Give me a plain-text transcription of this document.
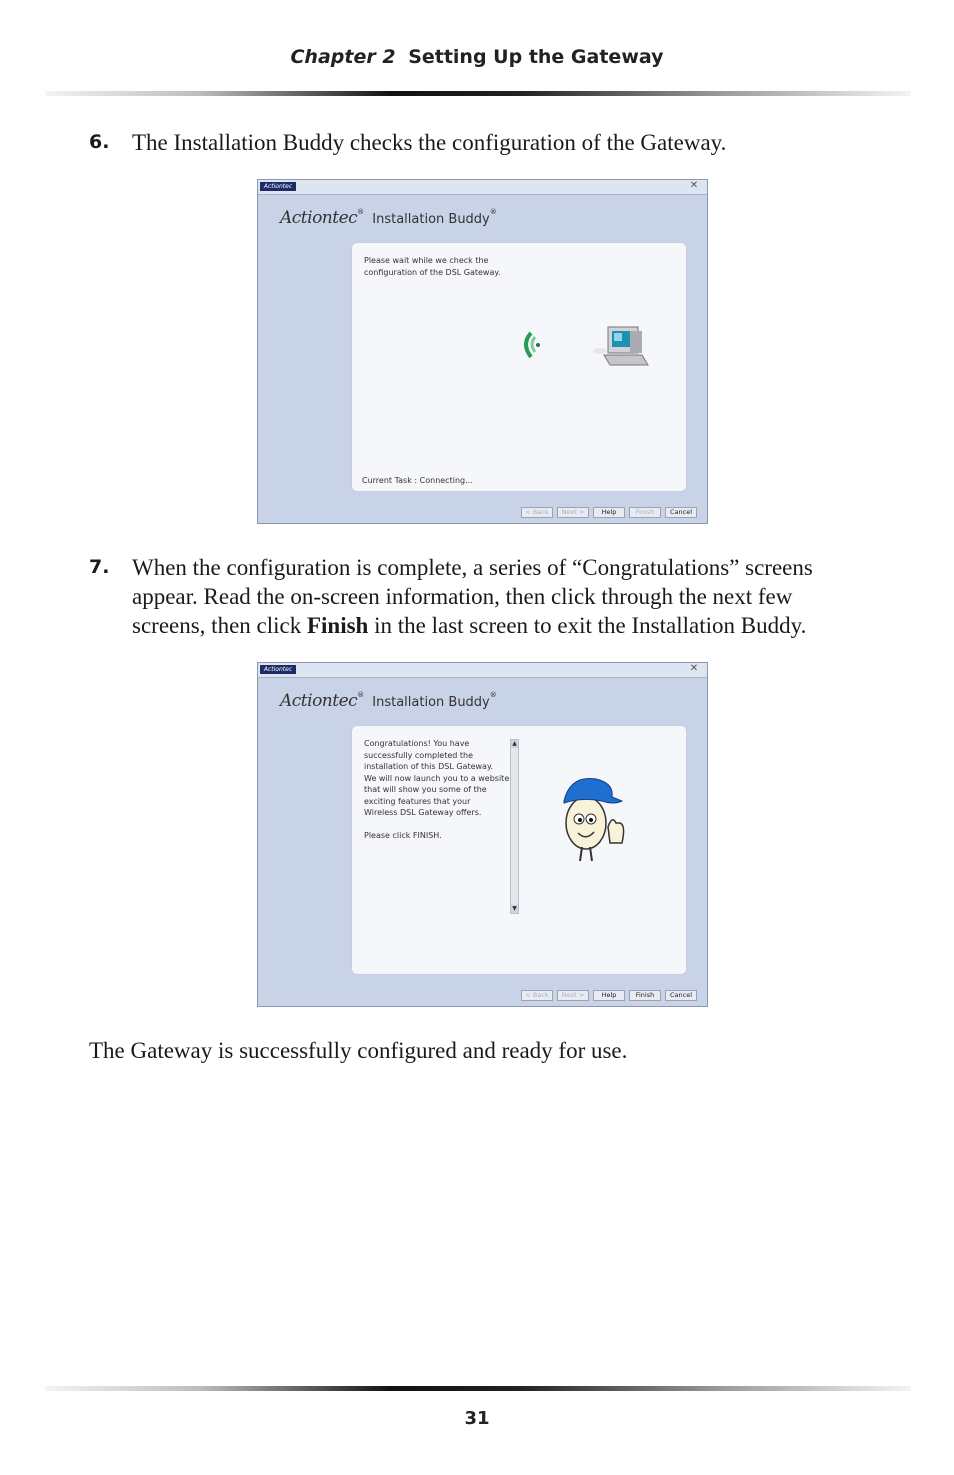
Chapter 2 Setting Up the Gateway
6. The Installation Buddy checks the configuration of the Gateway.
Actiontec	✕
Actiontec® Installation Buddy®
Please wait while we check the
configuration of the DSL Gateway.
Current Task : Connecting...
< Back	Next >	Help	Finish	Cancel
7. When the configuration is complete, a series of “Congratulations” screens appear. Read the on-screen information, then click through the next few screens, then click Finish in the last screen to exit the Installation Buddy.
Actiontec	✕
Actiontec® Installation Buddy®
Congratulations! You have
successfully completed the
installation of this DSL Gateway.
We will now launch you to a website
that will show you some of the
exciting features that your
Wireless DSL Gateway offers.

Please click FINISH.
▲
▼
< Back	Next >	Help	Finish	Cancel
The Gateway is successfully configured and ready for use.
31
